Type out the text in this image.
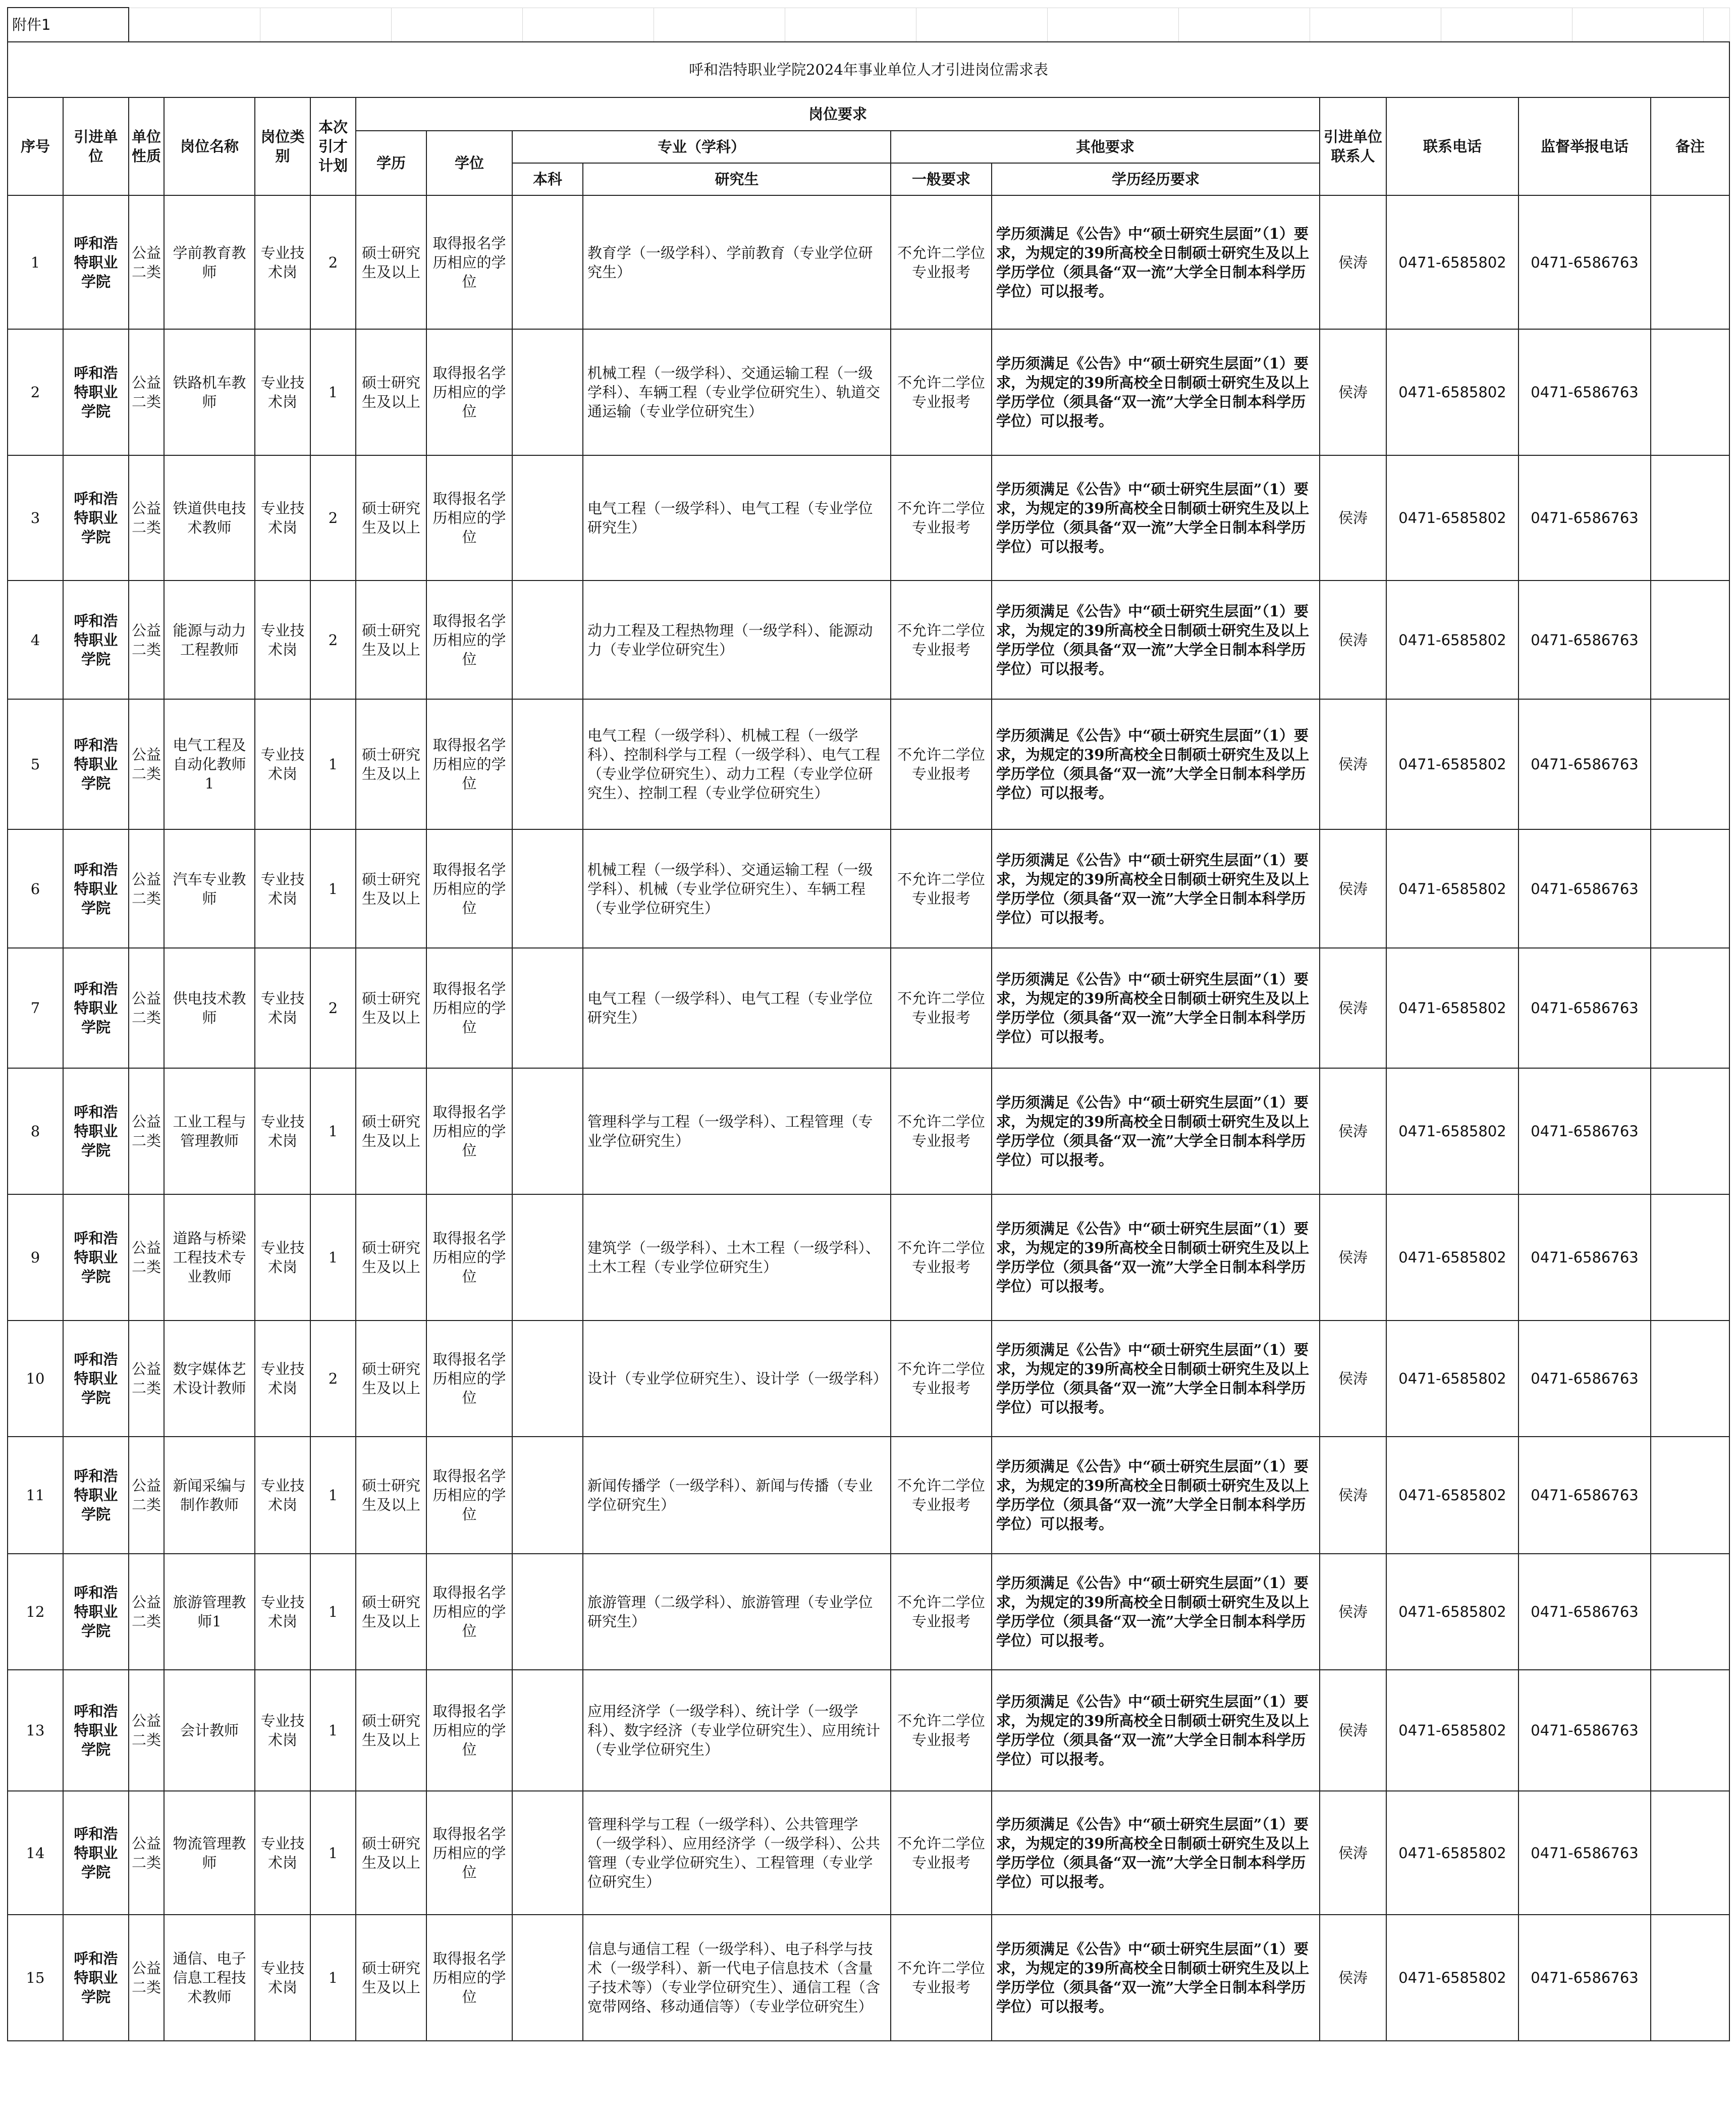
附件1															
呼和浩特职业学院2024年事业单位人才引进岗位需求表															
序号	引进单位	单位性质	岗位名称	岗位类别	本次引才计划	岗位要求						引进单位联系人	联系电话	监督举报电话	备注
						学历	学位	专业（学科）		其他要求					
								本科	研究生	一般要求	学历经历要求				
1	呼和浩特职业学院	公益二类	学前教育教师	专业技术岗	2	硕士研究生及以上	取得报名学历相应的学位		教育学（一级学科）、学前教育（专业学位研究生）	不允许二学位专业报考	学历须满足《公告》中“硕士研究生层面”（1）要求，为规定的39所高校全日制硕士研究生及以上学历学位（须具备“双一流”大学全日制本科学历学位）可以报考。	侯涛	0471-6585802	0471-6586763	
2	呼和浩特职业学院	公益二类	铁路机车教师	专业技术岗	1	硕士研究生及以上	取得报名学历相应的学位		机械工程（一级学科）、交通运输工程（一级学科）、车辆工程（专业学位研究生）、轨道交通运输（专业学位研究生）	不允许二学位专业报考	学历须满足《公告》中“硕士研究生层面”（1）要求，为规定的39所高校全日制硕士研究生及以上学历学位（须具备“双一流”大学全日制本科学历学位）可以报考。	侯涛	0471-6585802	0471-6586763	
3	呼和浩特职业学院	公益二类	铁道供电技术教师	专业技术岗	2	硕士研究生及以上	取得报名学历相应的学位		电气工程（一级学科）、电气工程（专业学位研究生）	不允许二学位专业报考	学历须满足《公告》中“硕士研究生层面”（1）要求，为规定的39所高校全日制硕士研究生及以上学历学位（须具备“双一流”大学全日制本科学历学位）可以报考。	侯涛	0471-6585802	0471-6586763	
4	呼和浩特职业学院	公益二类	能源与动力工程教师	专业技术岗	2	硕士研究生及以上	取得报名学历相应的学位		动力工程及工程热物理（一级学科）、能源动力（专业学位研究生）	不允许二学位专业报考	学历须满足《公告》中“硕士研究生层面”（1）要求，为规定的39所高校全日制硕士研究生及以上学历学位（须具备“双一流”大学全日制本科学历学位）可以报考。	侯涛	0471-6585802	0471-6586763	
5	呼和浩特职业学院	公益二类	电气工程及自动化教师1	专业技术岗	1	硕士研究生及以上	取得报名学历相应的学位		电气工程（一级学科）、机械工程（一级学科）、控制科学与工程（一级学科）、电气工程（专业学位研究生）、动力工程（专业学位研究生）、控制工程（专业学位研究生）	不允许二学位专业报考	学历须满足《公告》中“硕士研究生层面”（1）要求，为规定的39所高校全日制硕士研究生及以上学历学位（须具备“双一流”大学全日制本科学历学位）可以报考。	侯涛	0471-6585802	0471-6586763	
6	呼和浩特职业学院	公益二类	汽车专业教师	专业技术岗	1	硕士研究生及以上	取得报名学历相应的学位		机械工程（一级学科）、交通运输工程（一级学科）、机械（专业学位研究生）、车辆工程（专业学位研究生）	不允许二学位专业报考	学历须满足《公告》中“硕士研究生层面”（1）要求，为规定的39所高校全日制硕士研究生及以上学历学位（须具备“双一流”大学全日制本科学历学位）可以报考。	侯涛	0471-6585802	0471-6586763	
7	呼和浩特职业学院	公益二类	供电技术教师	专业技术岗	2	硕士研究生及以上	取得报名学历相应的学位		电气工程（一级学科）、电气工程（专业学位研究生）	不允许二学位专业报考	学历须满足《公告》中“硕士研究生层面”（1）要求，为规定的39所高校全日制硕士研究生及以上学历学位（须具备“双一流”大学全日制本科学历学位）可以报考。	侯涛	0471-6585802	0471-6586763	
8	呼和浩特职业学院	公益二类	工业工程与管理教师	专业技术岗	1	硕士研究生及以上	取得报名学历相应的学位		管理科学与工程（一级学科）、工程管理（专业学位研究生）	不允许二学位专业报考	学历须满足《公告》中“硕士研究生层面”（1）要求，为规定的39所高校全日制硕士研究生及以上学历学位（须具备“双一流”大学全日制本科学历学位）可以报考。	侯涛	0471-6585802	0471-6586763	
9	呼和浩特职业学院	公益二类	道路与桥梁工程技术专业教师	专业技术岗	1	硕士研究生及以上	取得报名学历相应的学位		建筑学（一级学科）、土木工程（一级学科）、土木工程（专业学位研究生）	不允许二学位专业报考	学历须满足《公告》中“硕士研究生层面”（1）要求，为规定的39所高校全日制硕士研究生及以上学历学位（须具备“双一流”大学全日制本科学历学位）可以报考。	侯涛	0471-6585802	0471-6586763	
10	呼和浩特职业学院	公益二类	数字媒体艺术设计教师	专业技术岗	2	硕士研究生及以上	取得报名学历相应的学位		设计（专业学位研究生）、设计学（一级学科）	不允许二学位专业报考	学历须满足《公告》中“硕士研究生层面”（1）要求，为规定的39所高校全日制硕士研究生及以上学历学位（须具备“双一流”大学全日制本科学历学位）可以报考。	侯涛	0471-6585802	0471-6586763	
11	呼和浩特职业学院	公益二类	新闻采编与制作教师	专业技术岗	1	硕士研究生及以上	取得报名学历相应的学位		新闻传播学（一级学科）、新闻与传播（专业学位研究生）	不允许二学位专业报考	学历须满足《公告》中“硕士研究生层面”（1）要求，为规定的39所高校全日制硕士研究生及以上学历学位（须具备“双一流”大学全日制本科学历学位）可以报考。	侯涛	0471-6585802	0471-6586763	
12	呼和浩特职业学院	公益二类	旅游管理教师1	专业技术岗	1	硕士研究生及以上	取得报名学历相应的学位		旅游管理（二级学科）、旅游管理（专业学位研究生）	不允许二学位专业报考	学历须满足《公告》中“硕士研究生层面”（1）要求，为规定的39所高校全日制硕士研究生及以上学历学位（须具备“双一流”大学全日制本科学历学位）可以报考。	侯涛	0471-6585802	0471-6586763	
13	呼和浩特职业学院	公益二类	会计教师	专业技术岗	1	硕士研究生及以上	取得报名学历相应的学位		应用经济学（一级学科）、统计学（一级学科）、数字经济（专业学位研究生）、应用统计（专业学位研究生）	不允许二学位专业报考	学历须满足《公告》中“硕士研究生层面”（1）要求，为规定的39所高校全日制硕士研究生及以上学历学位（须具备“双一流”大学全日制本科学历学位）可以报考。	侯涛	0471-6585802	0471-6586763	
14	呼和浩特职业学院	公益二类	物流管理教师	专业技术岗	1	硕士研究生及以上	取得报名学历相应的学位		管理科学与工程（一级学科）、公共管理学（一级学科）、应用经济学（一级学科）、公共管理（专业学位研究生）、工程管理（专业学位研究生）	不允许二学位专业报考	学历须满足《公告》中“硕士研究生层面”（1）要求，为规定的39所高校全日制硕士研究生及以上学历学位（须具备“双一流”大学全日制本科学历学位）可以报考。	侯涛	0471-6585802	0471-6586763	
15	呼和浩特职业学院	公益二类	通信、电子信息工程技术教师	专业技术岗	1	硕士研究生及以上	取得报名学历相应的学位		信息与通信工程（一级学科）、电子科学与技术（一级学科）、新一代电子信息技术（含量子技术等）（专业学位研究生）、通信工程（含宽带网络、移动通信等）（专业学位研究生）	不允许二学位专业报考	学历须满足《公告》中“硕士研究生层面”（1）要求，为规定的39所高校全日制硕士研究生及以上学历学位（须具备“双一流”大学全日制本科学历学位）可以报考。	侯涛	0471-6585802	0471-6586763	
